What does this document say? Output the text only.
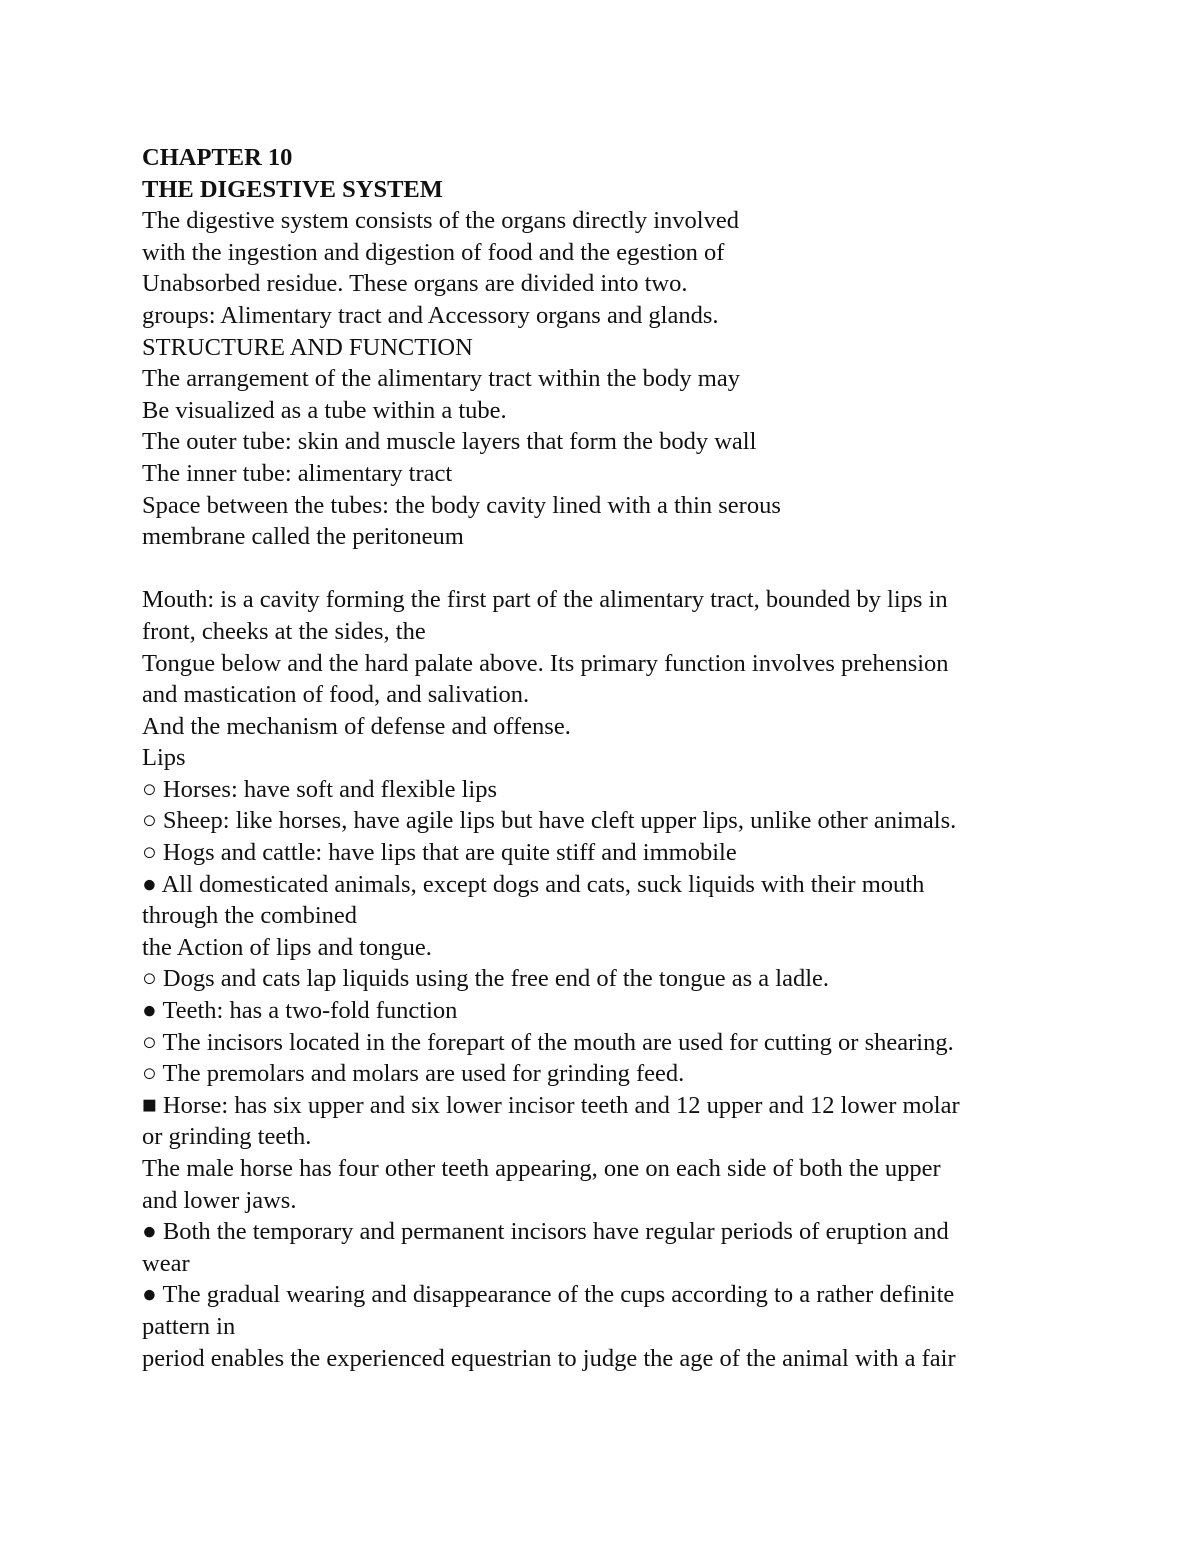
CHAPTER 10
THE DIGESTIVE SYSTEM
The digestive system consists of the organs directly involved
with the ingestion and digestion of food and the egestion of
Unabsorbed residue. These organs are divided into two.
groups: Alimentary tract and Accessory organs and glands.
STRUCTURE AND FUNCTION
The arrangement of the alimentary tract within the body may
Be visualized as a tube within a tube.
The outer tube: skin and muscle layers that form the body wall
The inner tube: alimentary tract
Space between the tubes: the body cavity lined with a thin serous
membrane called the peritoneum
Mouth: is a cavity forming the first part of the alimentary tract, bounded by lips in
front, cheeks at the sides, the
Tongue below and the hard palate above. Its primary function involves prehension
and mastication of food, and salivation.
And the mechanism of defense and offense.
Lips
○ Horses: have soft and flexible lips
○ Sheep: like horses, have agile lips but have cleft upper lips, unlike other animals.
○ Hogs and cattle: have lips that are quite stiff and immobile
● All domesticated animals, except dogs and cats, suck liquids with their mouth
through the combined
the Action of lips and tongue.
○ Dogs and cats lap liquids using the free end of the tongue as a ladle.
● Teeth: has a two-fold function
○ The incisors located in the forepart of the mouth are used for cutting or shearing.
○ The premolars and molars are used for grinding feed.
■ Horse: has six upper and six lower incisor teeth and 12 upper and 12 lower molar
or grinding teeth.
The male horse has four other teeth appearing, one on each side of both the upper
and lower jaws.
● Both the temporary and permanent incisors have regular periods of eruption and
wear
● The gradual wearing and disappearance of the cups according to a rather definite
pattern in
period enables the experienced equestrian to judge the age of the animal with a fair
